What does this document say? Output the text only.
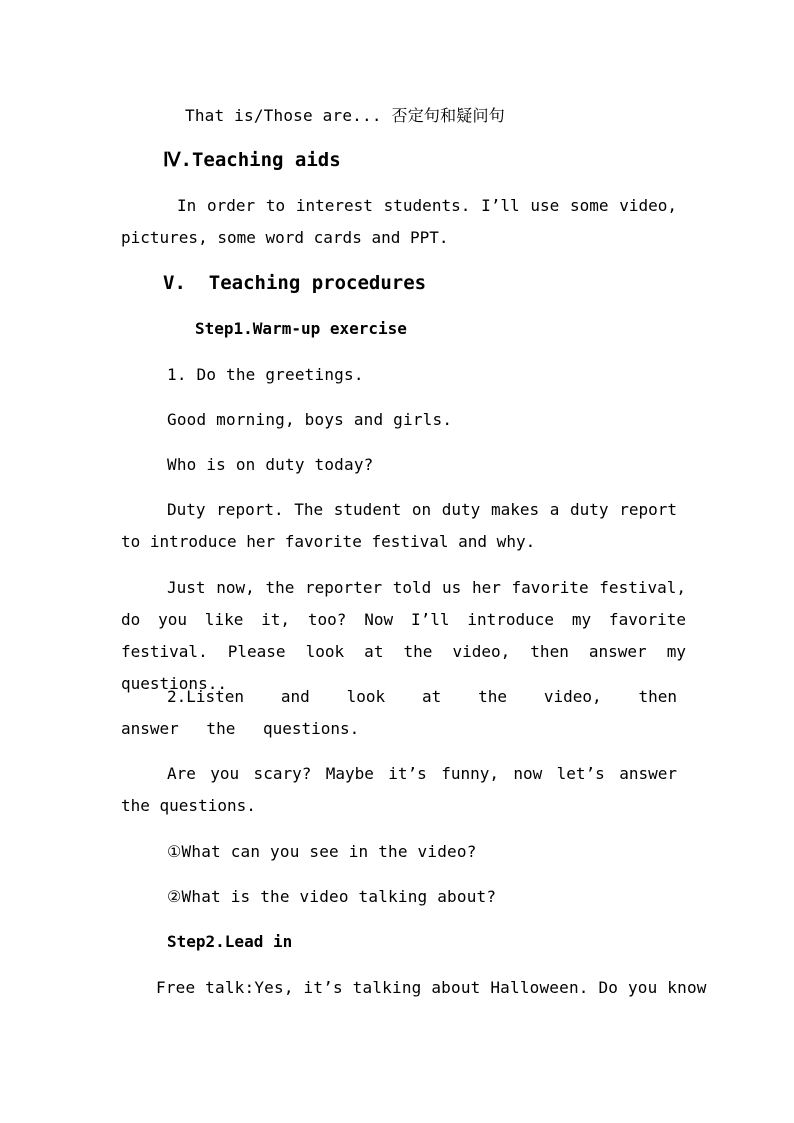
That is/Those are... 否定句和疑问句
Ⅳ.Teaching aids
In order to interest students. I’ll use some video, pictures, some word cards and PPT.
V.  Teaching procedures
Step1.Warm-up exercise
1. Do the greetings.
Good morning, boys and girls.
Who is on duty today?
Duty report. The student on duty makes a duty report to introduce her favorite festival and why.
Just now, the reporter told us her favorite festival, do you like it, too? Now I’ll introduce my favorite festival. Please look at the video, then answer my questions..
2.Listen and look at the video, then answer the questions.
Are you scary? Maybe it’s funny, now let’s answer the questions.
①What can you see in the video?
②What is the video talking about?
Step2.Lead in
Free talk:Yes, it’s talking about Halloween. Do you know
